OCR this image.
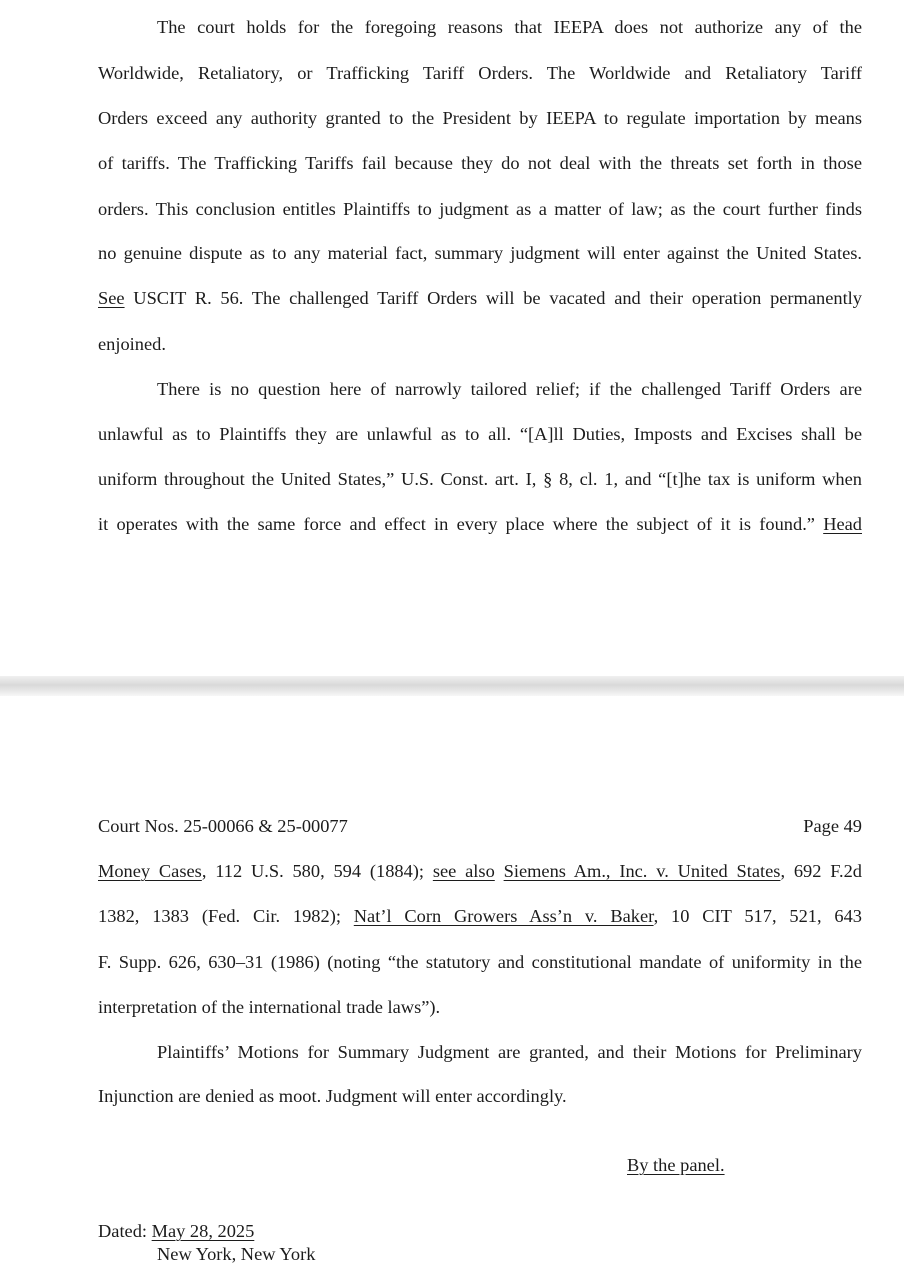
The court holds for the foregoing reasons that IEEPA does not authorize any of the
Worldwide, Retaliatory, or Trafficking Tariff Orders. The Worldwide and Retaliatory Tariff
Orders exceed any authority granted to the President by IEEPA to regulate importation by means
of tariffs. The Trafficking Tariffs fail because they do not deal with the threats set forth in those
orders. This conclusion entitles Plaintiffs to judgment as a matter of law; as the court further finds
no genuine dispute as to any material fact, summary judgment will enter against the United States.
See USCIT R. 56. The challenged Tariff Orders will be vacated and their operation permanently
enjoined.
There is no question here of narrowly tailored relief; if the challenged Tariff Orders are
unlawful as to Plaintiffs they are unlawful as to all. “[A]ll Duties, Imposts and Excises shall be
uniform throughout the United States,” U.S. Const. art. I, § 8, cl. 1, and “[t]he tax is uniform when
it operates with the same force and effect in every place where the subject of it is found.” Head
Court Nos. 25-00066 & 25-00077	Page 49
Money Cases, 112 U.S. 580, 594 (1884); see also Siemens Am., Inc. v. United States, 692 F.2d
1382, 1383 (Fed. Cir. 1982); Nat’l Corn Growers Ass’n v. Baker, 10 CIT 517, 521, 643
F. Supp. 626, 630–31 (1986) (noting “the statutory and constitutional mandate of uniformity in the
interpretation of the international trade laws”).
Plaintiffs’ Motions for Summary Judgment are granted, and their Motions for Preliminary
Injunction are denied as moot. Judgment will enter accordingly.
By the panel.
Dated: May 28, 2025
New York, New York
